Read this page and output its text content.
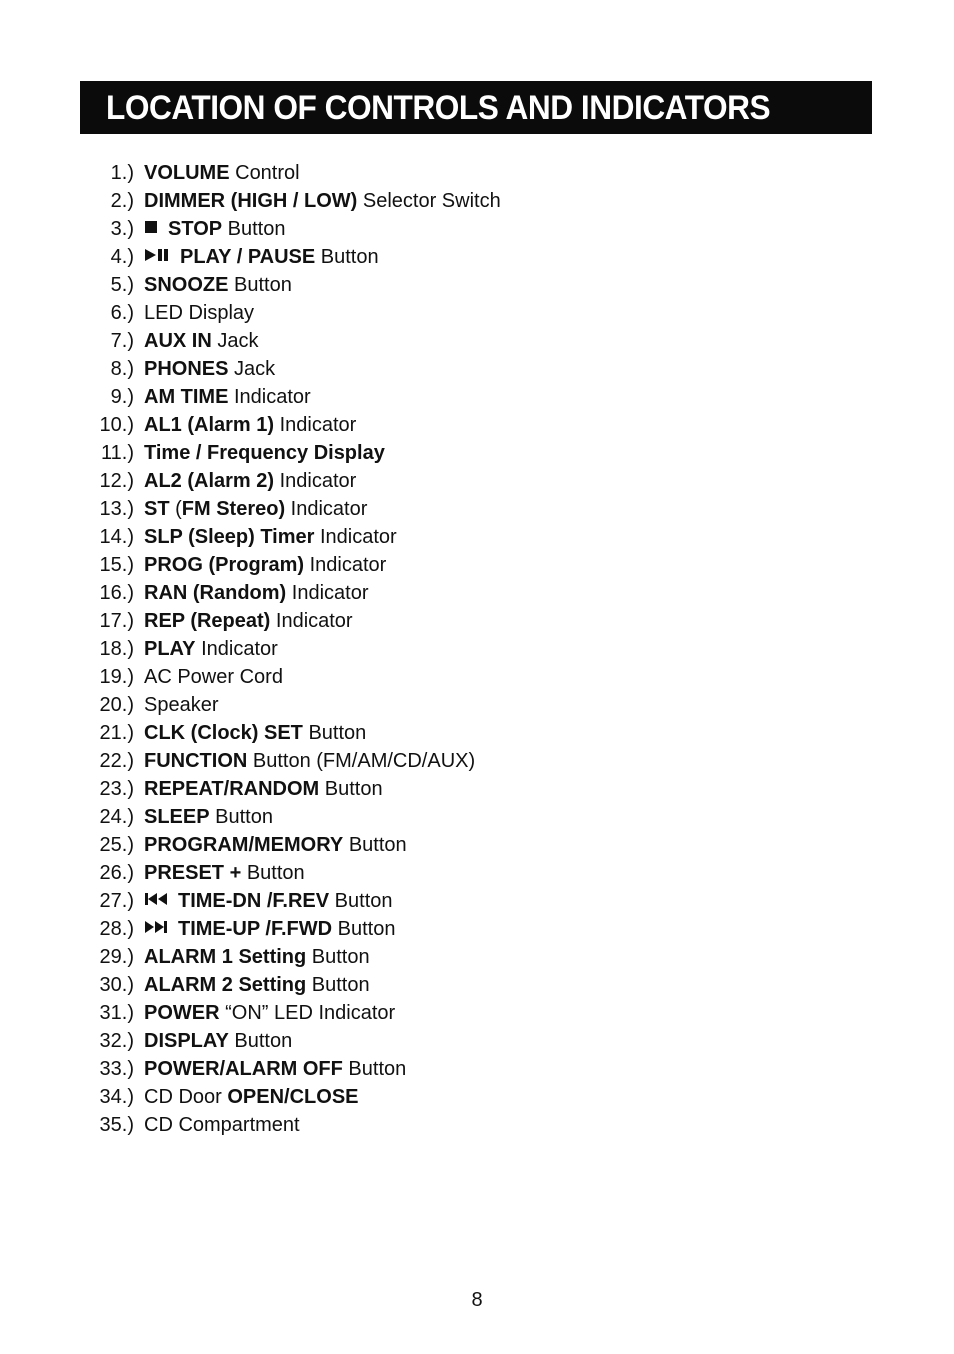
LOCATION OF CONTROLS AND INDICATORS
1.) VOLUME Control
2.) DIMMER (HIGH / LOW) Selector Switch
3.)	STOP Button
4.)	PLAY / PAUSE Button
5.) SNOOZE Button
6.) LED Display
7.) AUX IN Jack
8.) PHONES Jack
9.) AM TIME Indicator
10.) AL1 (Alarm 1) Indicator
11.) Time / Frequency Display
12.) AL2 (Alarm 2) Indicator
13.) ST (FM Stereo) Indicator
14.) SLP (Sleep) Timer Indicator
15.) PROG (Program) Indicator
16.) RAN (Random) Indicator
17.) REP (Repeat) Indicator
18.) PLAY Indicator
19.) AC Power Cord
20.) Speaker
21.) CLK (Clock) SET Button
22.) FUNCTION Button (FM/AM/CD/AUX)
23.) REPEAT/RANDOM Button
24.) SLEEP Button
25.) PROGRAM/MEMORY Button
26.) PRESET + Button
27.)	TIME-DN /F.REV Button
28.)	TIME-UP /F.FWD Button
29.) ALARM 1 Setting Button
30.) ALARM 2 Setting Button
31.) POWER “ON” LED Indicator
32.) DISPLAY Button
33.) POWER/ALARM OFF Button
34.) CD Door OPEN/CLOSE
35.) CD Compartment
8
